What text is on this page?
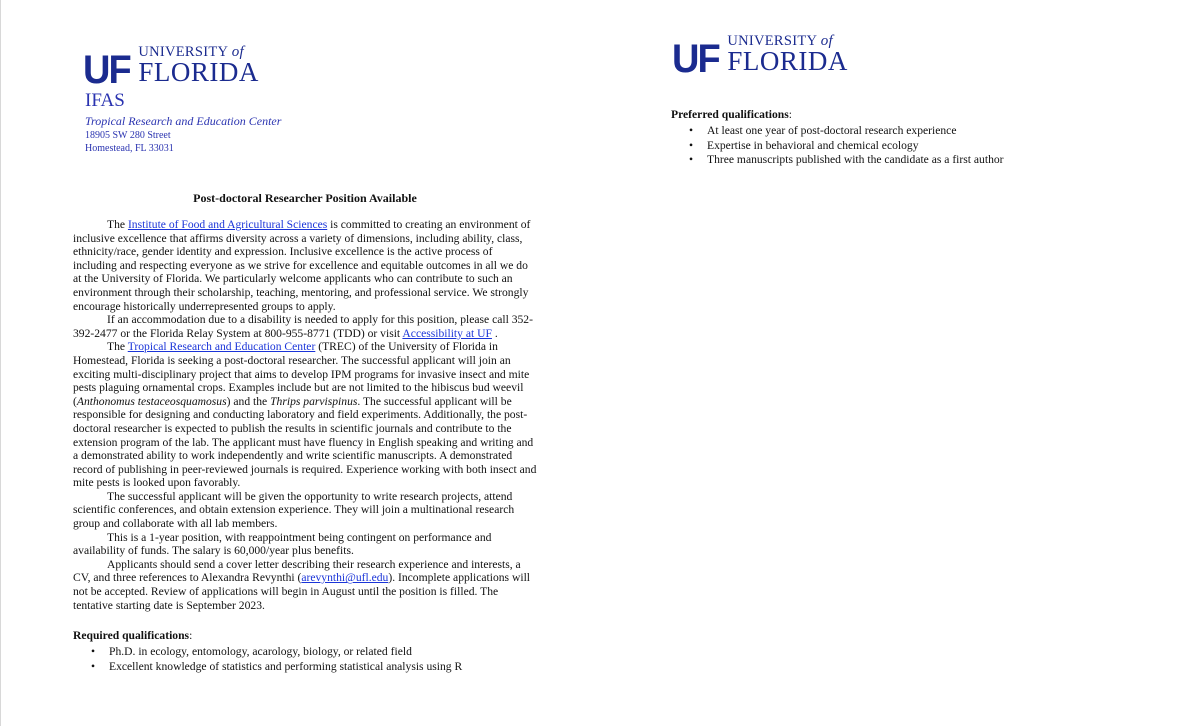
UF UNIVERSITY of
FLORIDA
IFAS
Tropical Research and Education Center
18905 SW 280 Street
Homestead, FL 33031
Post-doctoral Researcher Position Available

The Institute of Food and Agricultural Sciences is committed to creating an environment of inclusive excellence that affirms diversity across a variety of dimensions, including ability, class, ethnicity/race, gender identity and expression. Inclusive excellence is the active process of including and respecting everyone as we strive for excellence and equitable outcomes in all we do at the University of Florida. We particularly welcome applicants who can contribute to such an environment through their scholarship, teaching, mentoring, and professional service. We strongly encourage historically underrepresented groups to apply.

If an accommodation due to a disability is needed to apply for this position, please call 352-392-2477 or the Florida Relay System at 800-955-8771 (TDD) or visit Accessibility at UF .

The Tropical Research and Education Center (TREC) of the University of Florida in Homestead, Florida is seeking a post-doctoral researcher. The successful applicant will join an exciting multi-disciplinary project that aims to develop IPM programs for invasive insect and mite pests plaguing ornamental crops. Examples include but are not limited to the hibiscus bud weevil (Anthonomus testaceosquamosus) and the Thrips parvispinus. The successful applicant will be responsible for designing and conducting laboratory and field experiments. Additionally, the post-doctoral researcher is expected to publish the results in scientific journals and contribute to the extension program of the lab. The applicant must have fluency in English speaking and writing and a demonstrated ability to work independently and write scientific manuscripts. A demonstrated record of publishing in peer-reviewed journals is required. Experience working with both insect and mite pests is looked upon favorably.

The successful applicant will be given the opportunity to write research projects, attend scientific conferences, and obtain extension experience. They will join a multinational research group and collaborate with all lab members.

This is a 1-year position, with reappointment being contingent on performance and availability of funds. The salary is 60,000/year plus benefits.

Applicants should send a cover letter describing their research experience and interests, a CV, and three references to Alexandra Revynthi (arevynthi@ufl.edu). Incomplete applications will not be accepted. Review of applications will begin in August until the position is filled. The tentative starting date is September 2023.

Required qualifications:
• Ph.D. in ecology, entomology, acarology, biology, or related field
• Excellent knowledge of statistics and performing statistical analysis using R
UF UNIVERSITY of
FLORIDA
Preferred qualifications:
• At least one year of post-doctoral research experience
• Expertise in behavioral and chemical ecology
• Three manuscripts published with the candidate as a first author
